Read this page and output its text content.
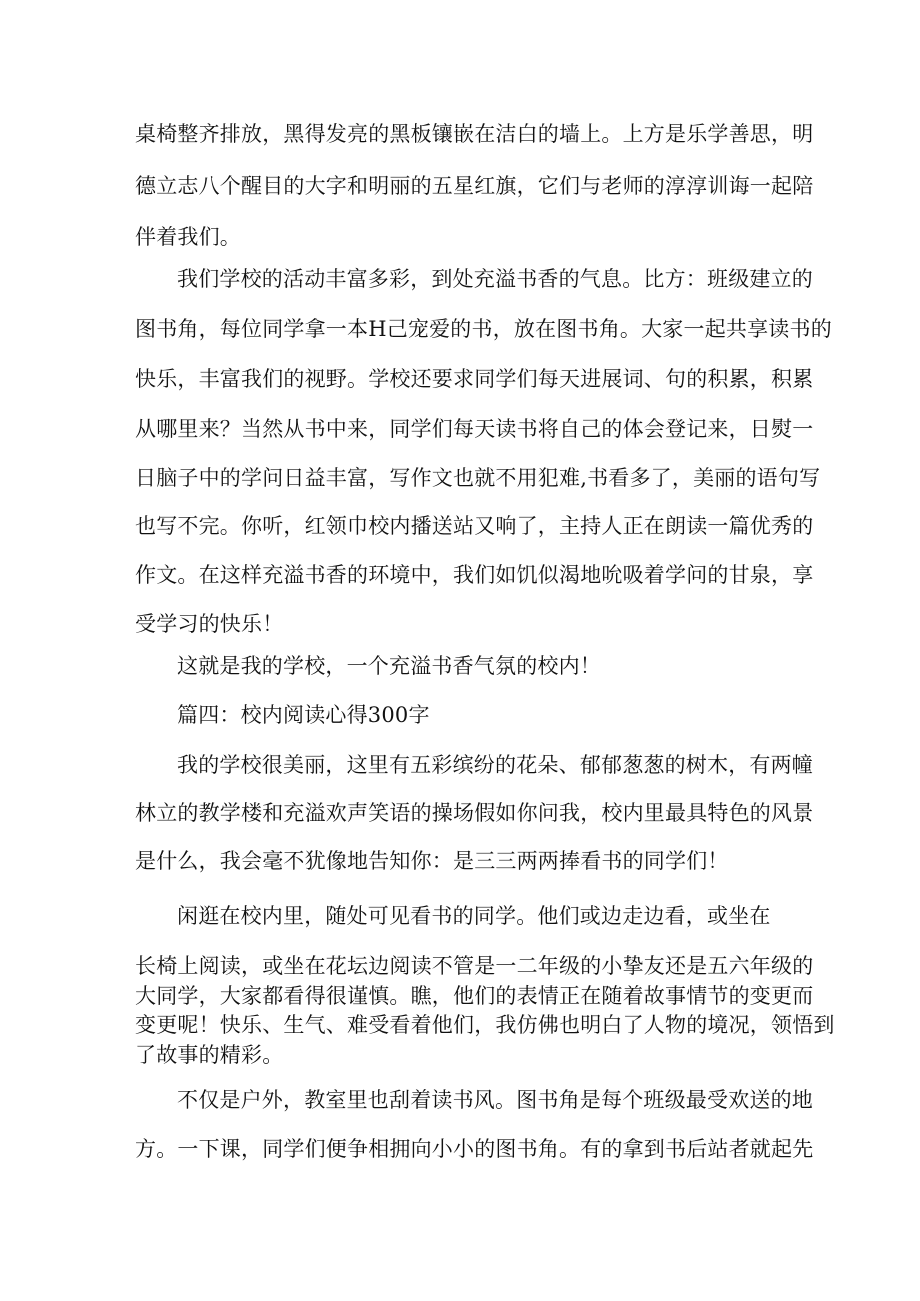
桌椅整齐排放，黑得发亮的黑板镶嵌在洁白的墙上。上方是乐学善思，明
德立志八个醒目的大字和明丽的五星红旗，它们与老师的淳淳训诲一起陪
伴着我们。
我们学校的活动丰富多彩，到处充溢书香的气息。比方：班级建立的
图书角，每位同学拿一本H己宠爱的书，放在图书角。大家一起共享读书的
快乐，丰富我们的视野。学校还要求同学们每天进展词、句的积累，积累
从哪里来？当然从书中来，同学们每天读书将自己的体会登记来，日熨一
日脑子中的学问日益丰富，写作文也就不用犯难,书看多了，美丽的语句写
也写不完。你听，红领巾校内播送站又响了，主持人正在朗读一篇优秀的
作文。在这样充溢书香的环境中，我们如饥似渴地吮吸着学问的甘泉，享
受学习的快乐！
这就是我的学校，一个充溢书香气氛的校内！
篇四：校内阅读心得300字
我的学校很美丽，这里有五彩缤纷的花朵、郁郁葱葱的树木，有两幢
林立的教学楼和充溢欢声笑语的操场假如你问我，校内里最具特色的风景
是什么，我会毫不犹像地告知你：是三三两两捧看书的同学们！
闲逛在校内里，随处可见看书的同学。他们或边走边看，或坐在
长椅上阅读，或坐在花坛边阅读不管是一二年级的小挚友还是五六年级的
大同学，大家都看得很谨慎。瞧，他们的表情正在随着故事情节的变更而
变更呢！快乐、生气、难受看着他们，我仿佛也明白了人物的境况，领悟到
了故事的精彩。
不仅是户外，教室里也刮着读书风。图书角是每个班级最受欢送的地
方。一下课，同学们便争相拥向小小的图书角。有的拿到书后站者就起先
